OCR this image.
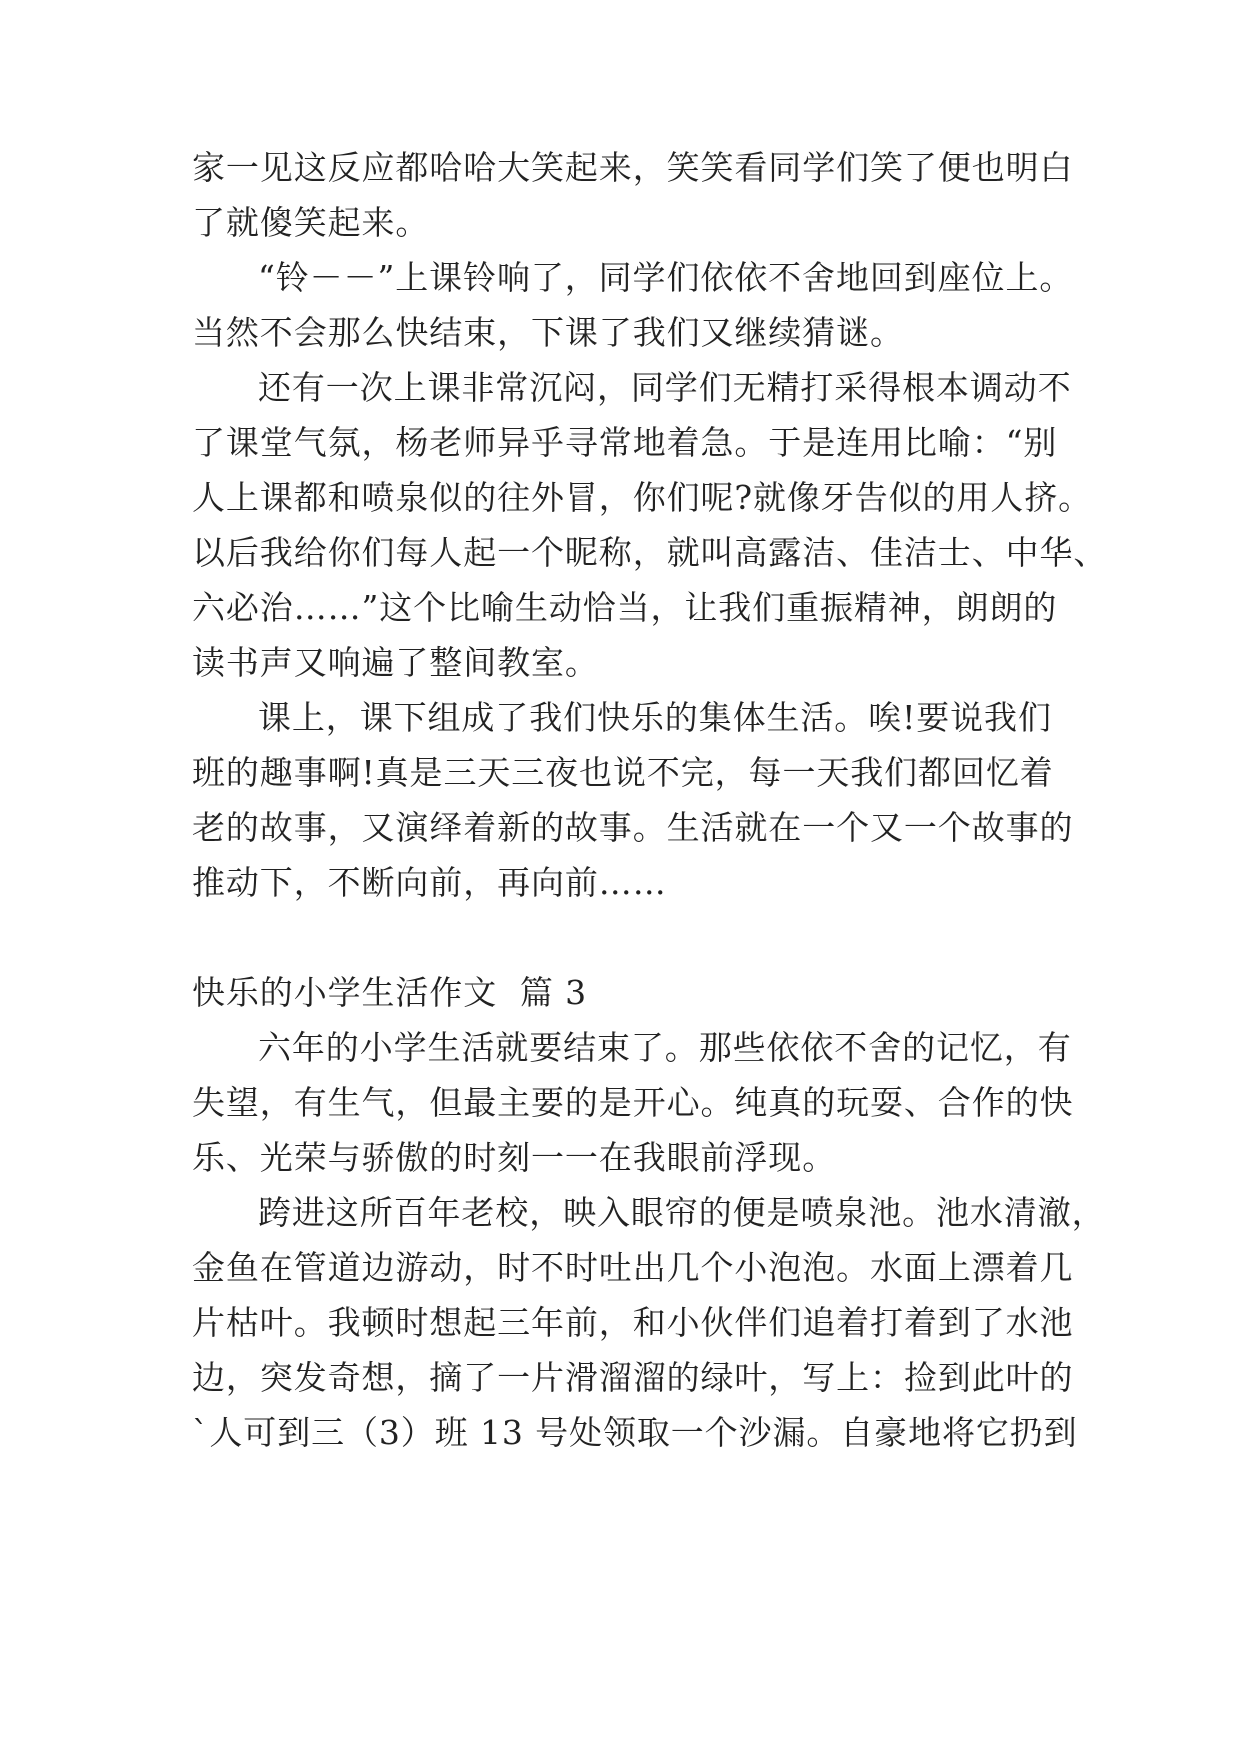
家一见这反应都哈哈大笑起来，笑笑看同学们笑了便也明白
了就傻笑起来。
“铃－－”上课铃响了，同学们依依不舍地回到座位上。
当然不会那么快结束，下课了我们又继续猜谜。
还有一次上课非常沉闷，同学们无精打采得根本调动不
了课堂气氛，杨老师异乎寻常地着急。于是连用比喻：“别
人上课都和喷泉似的往外冒，你们呢?就像牙告似的用人挤。
以后我给你们每人起一个昵称，就叫高露洁、佳洁士、中华、
六必治……”这个比喻生动恰当，让我们重振精神，朗朗的
读书声又响遍了整间教室。
课上，课下组成了我们快乐的集体生活。唉!要说我们
班的趣事啊!真是三天三夜也说不完，每一天我们都回忆着
老的故事，又演绎着新的故事。生活就在一个又一个故事的
推动下，不断向前，再向前……
快乐的小学生活作文  篇 3
六年的小学生活就要结束了。那些依依不舍的记忆，有
失望，有生气，但最主要的是开心。纯真的玩耍、合作的快
乐、光荣与骄傲的时刻一一在我眼前浮现。
跨进这所百年老校，映入眼帘的便是喷泉池。池水清澈，
金鱼在管道边游动，时不时吐出几个小泡泡。水面上漂着几
片枯叶。我顿时想起三年前，和小伙伴们追着打着到了水池
边，突发奇想，摘了一片滑溜溜的绿叶，写上：捡到此叶的
`人可到三（3）班 13 号处领取一个沙漏。自豪地将它扔到
